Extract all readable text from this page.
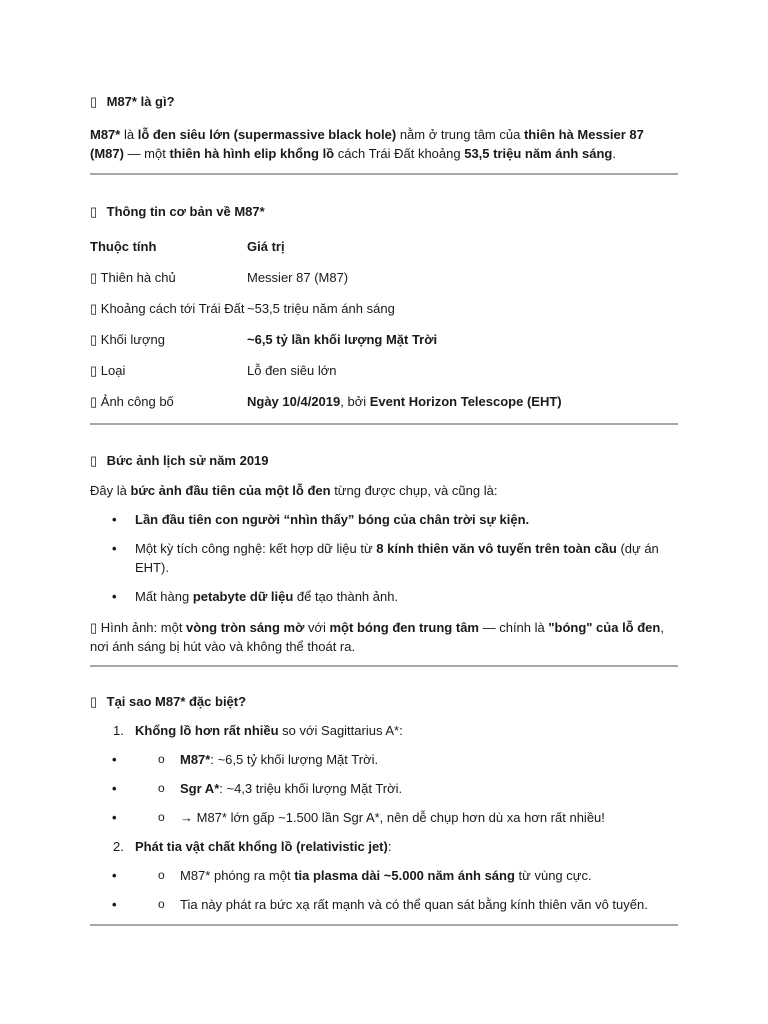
▯ M87* là gì?

M87* là lỗ đen siêu lớn (supermassive black hole) nằm ở trung tâm của thiên hà Messier 87 (M87) — một thiên hà hình elip khổng lồ cách Trái Đất khoảng 53,5 triệu năm ánh sáng.

▯ Thông tin cơ bản về M87*
Thuộc tính	Giá trị
▯ Thiên hà chủ	Messier 87 (M87)
▯ Khoảng cách tới Trái Đất	~53,5 triệu năm ánh sáng
▯ Khối lượng	~6,5 tỷ lần khối lượng Mặt Trời
▯ Loại	Lỗ đen siêu lớn
▯ Ảnh công bố	Ngày 10/4/2019, bởi Event Horizon Telescope (EHT)
▯ Bức ảnh lịch sử năm 2019

Đây là bức ảnh đầu tiên của một lỗ đen từng được chụp, và cũng là:

• Lần đầu tiên con người “nhìn thấy” bóng của chân trời sự kiện.
• Một kỳ tích công nghệ: kết hợp dữ liệu từ 8 kính thiên văn vô tuyến trên toàn cầu (dự án EHT).
• Mất hàng petabyte dữ liệu để tạo thành ảnh.

▯ Hình ảnh: một vòng tròn sáng mờ với một bóng đen trung tâm — chính là "bóng" của lỗ đen, nơi ánh sáng bị hút vào và không thể thoát ra.

▯ Tại sao M87* đặc biệt?
1. Khổng lồ hơn rất nhiều so với Sagittarius A*:
• o M87*: ~6,5 tỷ khối lượng Mặt Trời.
• o Sgr A*: ~4,3 triệu khối lượng Mặt Trời.
• o → M87* lớn gấp ~1.500 lần Sgr A*, nên dễ chụp hơn dù xa hơn rất nhiều!
2. Phát tia vật chất khổng lồ (relativistic jet):
• o M87* phóng ra một tia plasma dài ~5.000 năm ánh sáng từ vùng cực.
• o Tia này phát ra bức xạ rất mạnh và có thể quan sát bằng kính thiên văn vô tuyến.
